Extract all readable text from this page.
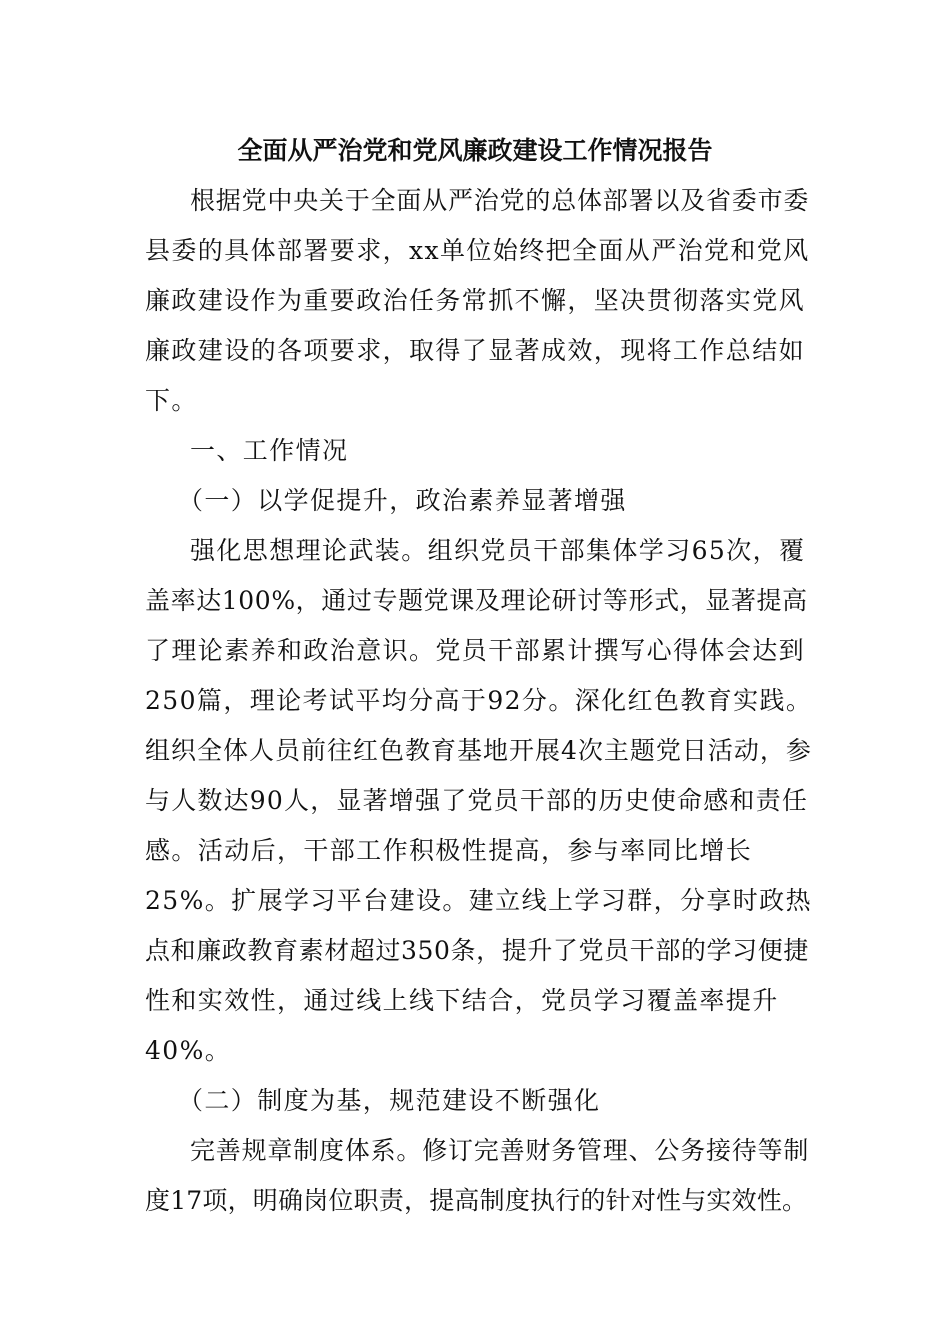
全面从严治党和党风廉政建设工作情况报告
根据党中央关于全面从严治党的总体部署以及省委市委
县委的具体部署要求，xx单位始终把全面从严治党和党风
廉政建设作为重要政治任务常抓不懈，坚决贯彻落实党风
廉政建设的各项要求，取得了显著成效，现将工作总结如
下。
一、工作情况
（一）以学促提升，政治素养显著增强
强化思想理论武装。组织党员干部集体学习65次，覆
盖率达100%，通过专题党课及理论研讨等形式，显著提高
了理论素养和政治意识。党员干部累计撰写心得体会达到
250篇，理论考试平均分高于92分。深化红色教育实践。
组织全体人员前往红色教育基地开展4次主题党日活动，参
与人数达90人，显著增强了党员干部的历史使命感和责任
感。活动后，干部工作积极性提高，参与率同比增长
25%。扩展学习平台建设。建立线上学习群，分享时政热
点和廉政教育素材超过350条，提升了党员干部的学习便捷
性和实效性，通过线上线下结合，党员学习覆盖率提升
40%。
（二）制度为基，规范建设不断强化
完善规章制度体系。修订完善财务管理、公务接待等制
度17项，明确岗位职责，提高制度执行的针对性与实效性。
